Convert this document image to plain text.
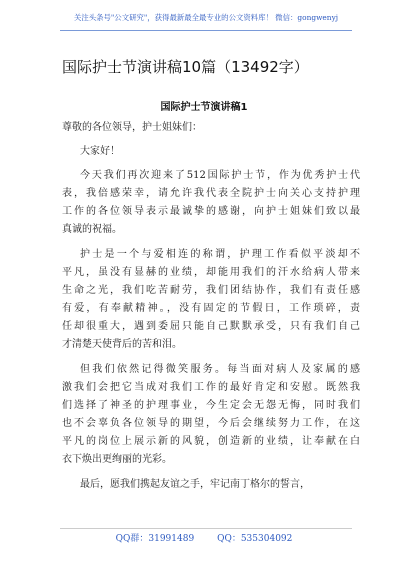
关注头条号"公文研究"，获得最新最全最专业的公文资料库！ 微信：gongwenyj
国际护士节演讲稿10篇（13492字）
国际护士节演讲稿1
尊敬的各位领导，护士姐妹们：
大家好！
今天我们再次迎来了512国际护士节，作为优秀护士代
表，我倍感荣幸，请允许我代表全院护士向关心支持护理
工作的各位领导表示最诚挚的感谢，向护士姐妹们致以最
真诚的祝福。
护士是一个与爱相连的称谓，护理工作看似平淡却不
平凡，虽没有显赫的业绩，却能用我们的汗水给病人带来
生命之光，我们吃苦耐劳，我们团结协作，我们有责任感
有爱，有奉献精神。，没有固定的节假日，工作琐碎，责
任却很重大，遇到委屈只能自己默默承受，只有我们自己
才清楚天使背后的苦和泪。
但我们依然记得微笑服务。每当面对病人及家属的感
激我们会把它当成对我们工作的最好肯定和安慰。既然我
们选择了神圣的护理事业，今生定会无怨无悔，同时我们
也不会辜负各位领导的期望，今后会继续努力工作，在这
平凡的岗位上展示新的风貌，创造新的业绩，让奉献在白
衣下焕出更绚丽的光彩。
最后，愿我们携起友谊之手，牢记南丁格尔的誓言，
QQ群：31991489	QQ：535304092
